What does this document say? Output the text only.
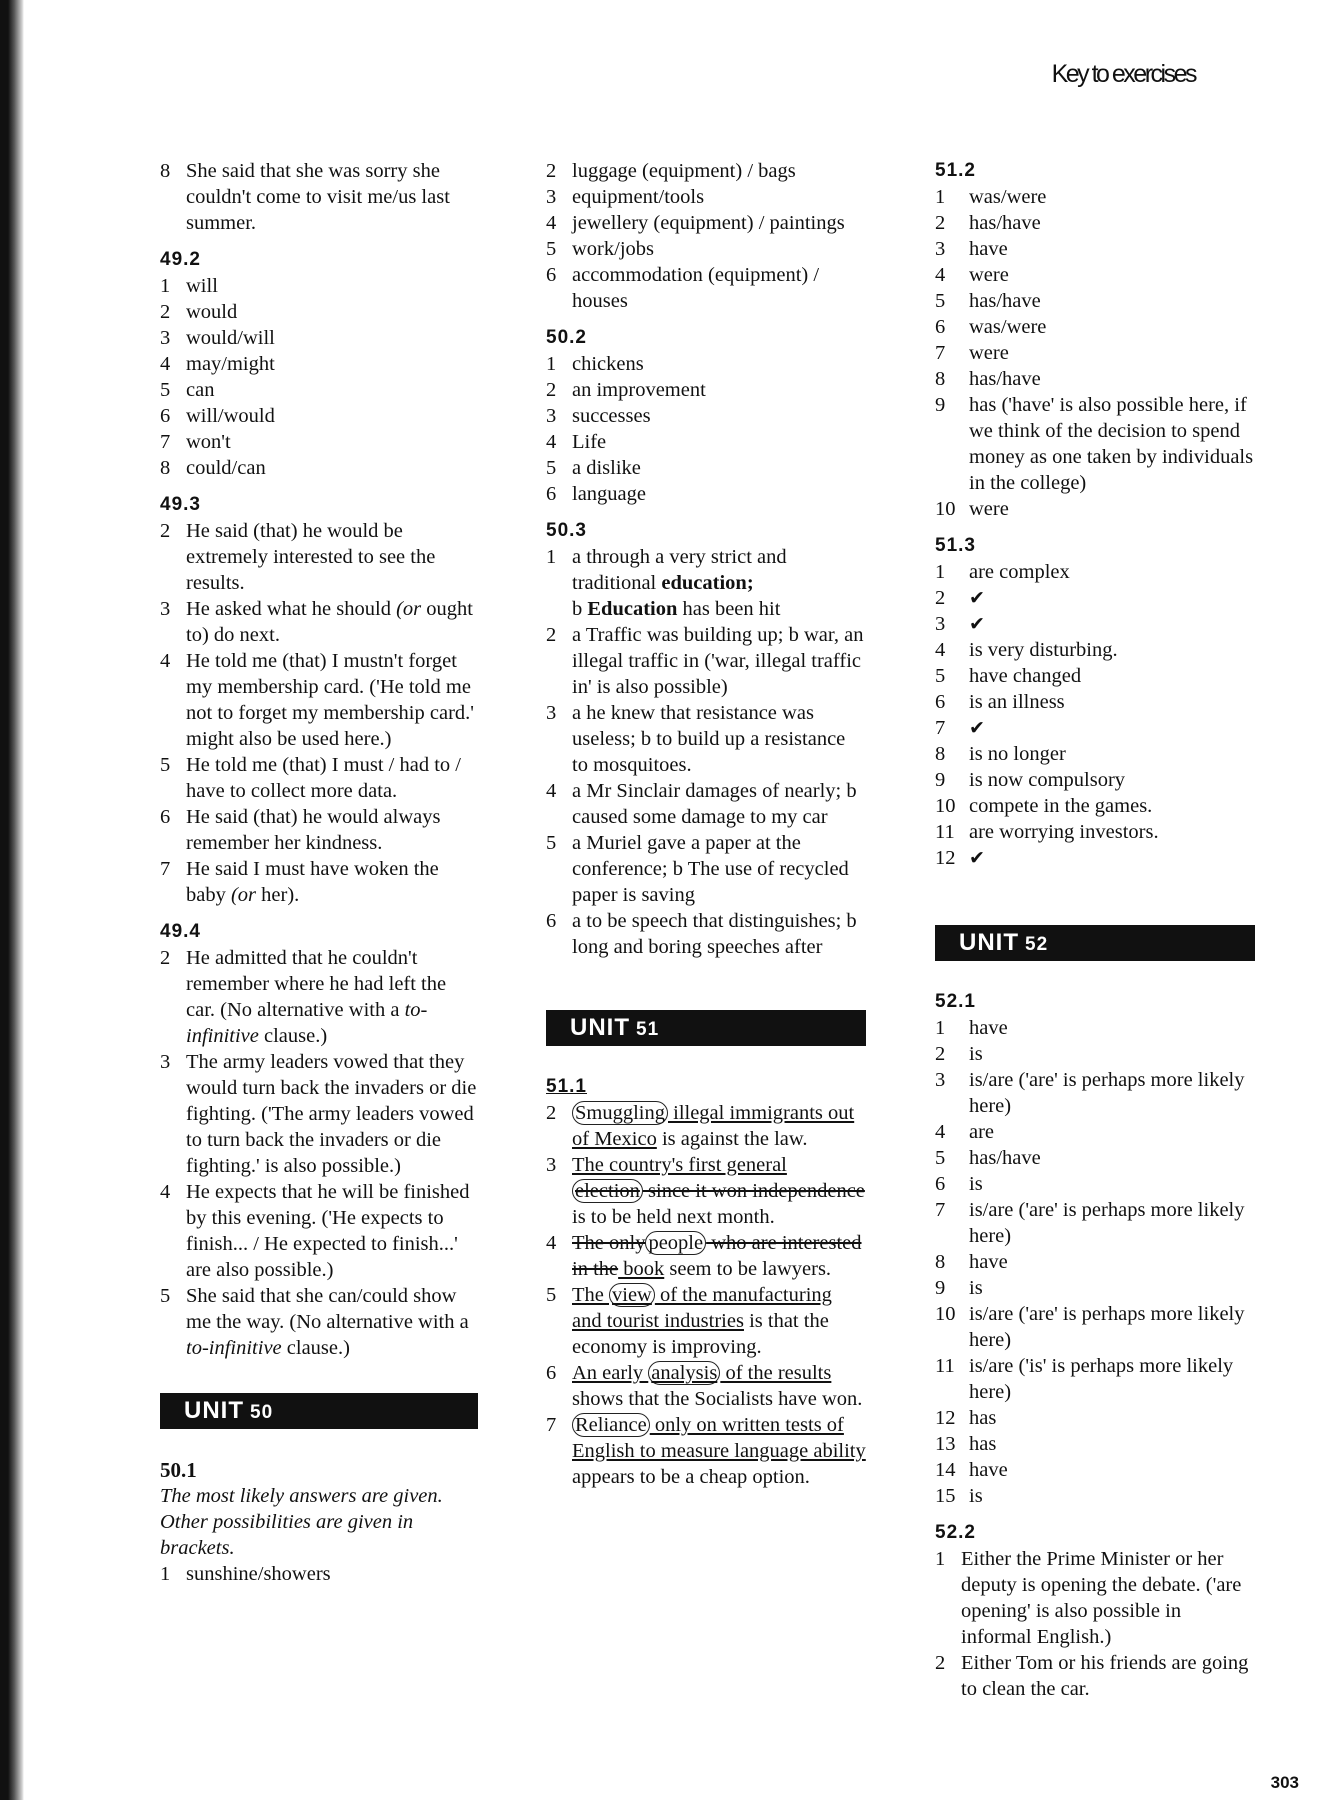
Key to exercises
8 She said that she was sorry she couldn't come to visit me/us last summer.
49.2
1 will
2 would
3 would/will
4 may/might
5 can
6 will/would
7 won't
8 could/can
49.3
2 He said (that) he would be extremely interested to see the results.
3 He asked what he should (or ought to) do next.
4 He told me (that) I mustn't forget my membership card. ('He told me not to forget my membership card.' might also be used here.)
5 He told me (that) I must / had to / have to collect more data.
6 He said (that) he would always remember her kindness.
7 He said I must have woken the baby (or her).
49.4
2 He admitted that he couldn't remember where he had left the car. (No alternative with a to-infinitive clause.)
3 The army leaders vowed that they would turn back the invaders or die fighting. ('The army leaders vowed to turn back the invaders or die fighting.' is also possible.)
4 He expects that he will be finished by this evening. ('He expects to finish... / He expected to finish...' are also possible.)
5 She said that she can/could show me the way. (No alternative with a to-infinitive clause.)
UNIT 50
50.1
The most likely answers are given. Other possibilities are given in brackets.
1 sunshine/showers
2 luggage (equipment) / bags
3 equipment/tools
4 jewellery (equipment) / paintings
5 work/jobs
6 accommodation (equipment) / houses
50.2
1 chickens
2 an improvement
3 successes
4 Life
5 a dislike
6 language
50.3
1 a through a very strict and traditional education;
b Education has been hit
2 a Traffic was building up; b war, an illegal traffic in ('war, illegal traffic in' is also possible)
3 a he knew that resistance was useless; b to build up a resistance to mosquitoes.
4 a Mr Sinclair damages of nearly; b caused some damage to my car
5 a Muriel gave a paper at the conference; b The use of recycled paper is saving
6 a to be speech that distinguishes; b long and boring speeches after
UNIT 51
51.1
2 Smuggling illegal immigrants out of Mexico is against the law.
3 The country's first general
election since it won independence is to be held next month.
4 The only people who are interested in the book seem to be lawyers.
5 The view of the manufacturing and tourist industries is that the economy is improving.
6 An early analysis of the results shows that the Socialists have won.
7 Reliance only on written tests of English to measure language ability appears to be a cheap option.
51.2
1	was/were
2	has/have
3	have
4	were
5	has/have
6	was/were
7	were
8	has/have
9	has ('have' is also possible here, if we think of the decision to spend money as one taken by individuals in the college)
10 were
51.3
1	are complex
2	✔
3	✔
4	is very disturbing.
5	have changed
6	is an illness
7	✔
8	is no longer
9	is now compulsory
10 compete in the games.
11 are worrying investors.
12 ✔
UNIT 52
52.1
1	have
2	is
3	is/are ('are' is perhaps more likely here)
4	are
5	has/have
6	is
7	is/are ('are' is perhaps more likely here)
8	have
9	is
10 is/are ('are' is perhaps more likely here)
11 is/are ('is' is perhaps more likely here)
12 has
13 has
14 have
15 is
52.2
1 Either the Prime Minister or her deputy is opening the debate. ('are opening' is also possible in informal English.)
2 Either Tom or his friends are going to clean the car.
303
